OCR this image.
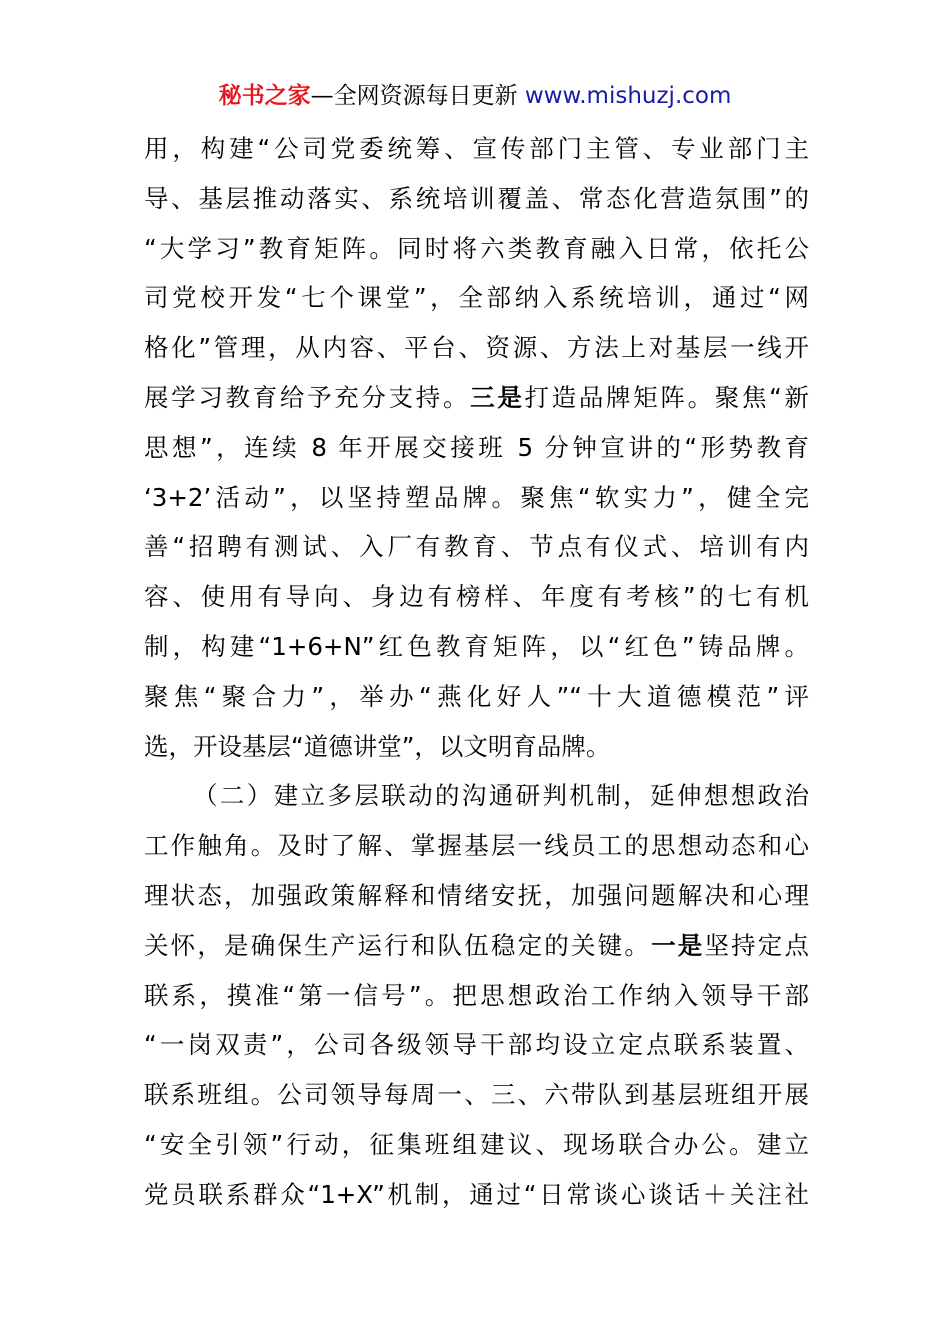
秘书之家—全网资源每日更新 www.mishuzj.com
用，构建“公司党委统筹、宣传部门主管、专业部门主
导、基层推动落实、系统培训覆盖、常态化营造氛围”的
“大学习”教育矩阵。同时将六类教育融入日常，依托公
司党校开发“七个课堂”，全部纳入系统培训，通过“网
格化”管理，从内容、平台、资源、方法上对基层一线开
展学习教育给予充分支持。三是打造品牌矩阵。聚焦“新
思想”，连续 8 年开展交接班 5 分钟宣讲的“形势教育
‘3+2’活动”，以坚持塑品牌。聚焦“软实力”，健全完
善“招聘有测试、入厂有教育、节点有仪式、培训有内
容、使用有导向、身边有榜样、年度有考核”的七有机
制，构建“1+6+N”红色教育矩阵，以“红色”铸品牌。
聚焦“聚合力”，举办“燕化好人”“十大道德模范”评
选，开设基层“道德讲堂”，以文明育品牌。
（二）建立多层联动的沟通研判机制，延伸想想政治
工作触角。及时了解、掌握基层一线员工的思想动态和心
理状态，加强政策解释和情绪安抚，加强问题解决和心理
关怀，是确保生产运行和队伍稳定的关键。一是坚持定点
联系，摸准“第一信号”。把思想政治工作纳入领导干部
“一岗双责”，公司各级领导干部均设立定点联系装置、
联系班组。公司领导每周一、三、六带队到基层班组开展
“安全引领”行动，征集班组建议、现场联合办公。建立
党员联系群众“1+X”机制，通过“日常谈心谈话＋关注社
